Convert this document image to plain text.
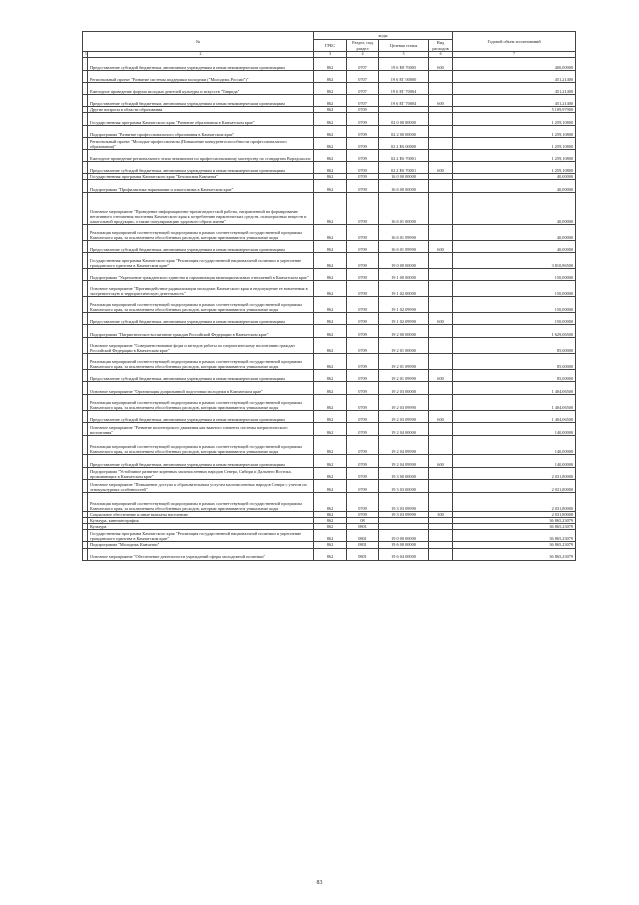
№		коды				Годовой объем ассигнований
		ГРБС	Раздел, под раздел	Целевая статья	Вид расходов	
1	2	3	4	5	6	7
	Предоставление субсидий бюджетным, автономным учреждениям и иным некоммерческим организациям	862	0707	19 6 E8 70005	600	400,00000
	Региональный проект "Развитие системы поддержки молодежи ("Молодежь России")"	862	0707	19 6 EГ 00000		451,21400
	Ежегодное проведение форума молодых деятелей культуры и искусств "Таврида"	862	0707	19 6 EГ 70004		451,21400
	Предоставление субсидий бюджетным, автономным учреждениям и иным некоммерческим организациям	862	0707	19 6 EГ 70004	600	451,21400
	Другие вопросы в области образования	862	0709			5 109,97900
	Государственная программа Камчатского края "Развитие образования в Камчатском крае"	862	0709	02 0 00 00000		1 259,10800
	Подпрограмма "Развитие профессионального образования в Камчатском крае"	862	0709	02 2 00 00000		1 259,10800
	Региональный проект "Молодые профессионалы (Повышение конкурентоспособности профессионального образования)"	862	0709	02 2 E6 00000		1 259,10800
	Ежегодное проведение регионального этапа чемпионата по профессиональному мастерству по стандартам Ворлдскиллс	862	0709	02 2 E6 70001		1 259,10800
	Предоставление субсидий бюджетным, автономным учреждениям и иным некоммерческим организациям	862	0709	02 2 E6 70001	600	1 259,10800
	Государственная программа Камчатского края "Безопасная Камчатка"	862	0709	16 0 00 00000		40,00000
	Подпрограмма "Профилактика наркомании и алкоголизма в Камчатском крае"	862	0709	16 6 00 00000		40,00000
	Основное мероприятие "Проведение информационно-пропагандистской работы, направленной на формирование негативного отношения населения Камчатского края к потреблению наркотических средств, психотропных веществ и алкогольной продукции, а также популяризацию здорового образа жизни"	862	0709	16 6 01 00000		40,00000
	Реализация мероприятий соответствующей подпрограммы в рамках соответствующей государственной программы Камчатского края, за исключением обособленных расходов, которым присваиваются уникальные коды	862	0709	16 6 01 09990		40,00000
	Предоставление субсидий бюджетным, автономным учреждениям и иным некоммерческим организациям	862	0709	16 6 01 09990	600	40,00000
	Государственная программа Камчатского края "Реализация государственной национальной политики и укрепление гражданского единства в Камчатском крае"	862	0709	19 0 00 00000		3 810,86500
	Подпрограмма "Укрепление гражданского единства и гармонизация межнациональных отношений в Камчатском крае"	862	0709	19 1 00 00000		150,00000
	Основное мероприятие "Противодействие радикализации молодежи Камчатского края и недопущение ее вовлечения в экстремистскую и террористическую деятельность"	862	0709	19 1 02 00000		150,00000
	Реализация мероприятий соответствующей подпрограммы в рамках соответствующей государственной программы Камчатского края, за исключением обособленных расходов, которым присваиваются уникальные коды	862	0709	19 1 02 09990		150,00000
	Предоставление субсидий бюджетным, автономным учреждениям и иным некоммерческим организациям	862	0709	19 1 02 09990	600	150,00000
	Подпрограмма "Патриотическое воспитание граждан Российской Федерации в Камчатском крае"	862	0709	19 2 00 00000		1 629,06500
	Основное мероприятие "Совершенствование форм и методов работы по патриотическому воспитанию граждан Российской Федерации в Камчатском крае"	862	0709	19 2 01 00000		85,00000
	Реализация мероприятий соответствующей подпрограммы в рамках соответствующей государственной программы Камчатского края, за исключением обособленных расходов, которым присваиваются уникальные коды	862	0709	19 2 01 09990		85,00000
	Предоставление субсидий бюджетным, автономным учреждениям и иным некоммерческим организациям	862	0709	19 2 01 09990	600	85,00000
	Основное мероприятие "Организация допризывной подготовки молодежи в Камчатском крае"	862	0709	19 2 03 00000		1 404,06500
	Реализация мероприятий соответствующей подпрограммы в рамках соответствующей государственной программы Камчатского края, за исключением обособленных расходов, которым присваиваются уникальные коды	862	0709	19 2 03 09990		1 404,06500
	Предоставление субсидий бюджетным, автономным учреждениям и иным некоммерческим организациям	862	0709	19 2 03 09990	600	1 404,06500
	Основное мероприятие "Развитие волонтерского движения как важного элемента системы патриотического воспитания"	862	0709	19 2 04 00000		140,00000
	Реализация мероприятий соответствующей подпрограммы в рамках соответствующей государственной программы Камчатского края, за исключением обособленных расходов, которым присваиваются уникальные коды	862	0709	19 2 04 09990		140,00000
	Предоставление субсидий бюджетным, автономным учреждениям и иным некоммерческим организациям	862	0709	19 2 04 09990	600	140,00000
	Подпрограмма "Устойчивое развитие коренных малочисленных народов Севера, Сибири и Дальнего Востока, проживающих в Камчатском крае"	862	0709	19 3 00 00000		2 031,80000
	Основное мероприятие "Повышение доступа к образовательным услугам малочисленных народов Севера с учетом их этнокультурных особенностей"	862	0709	19 3 03 00000		2 031,80000
	Реализация мероприятий соответствующей подпрограммы в рамках соответствующей государственной программы Камчатского края, за исключением обособленных расходов, которым присваиваются уникальные коды	862	0709	19 3 03 09990		2 031,80000
	Социальное обеспечение и иные выплаты населению	862	0709	19 3 03 09990	300	2 031,80000
	Культура, кинематография	862	08			36 865,23079
	Культура	862	0801			36 865,23079
	Государственная программа Камчатского края "Реализация государственной национальной политики и укрепление гражданского единства в Камчатском крае"	862	0801	19 0 00 00000		36 865,23079
	Подпрограмма "Молодежь Камчатки"	862	0801	19 6 00 00000		36 865,23079
	Основное мероприятие "Обеспечение деятельности учреждений сферы молодежной политики"	862	0801	19 6 04 00000		36 865,23079
83
